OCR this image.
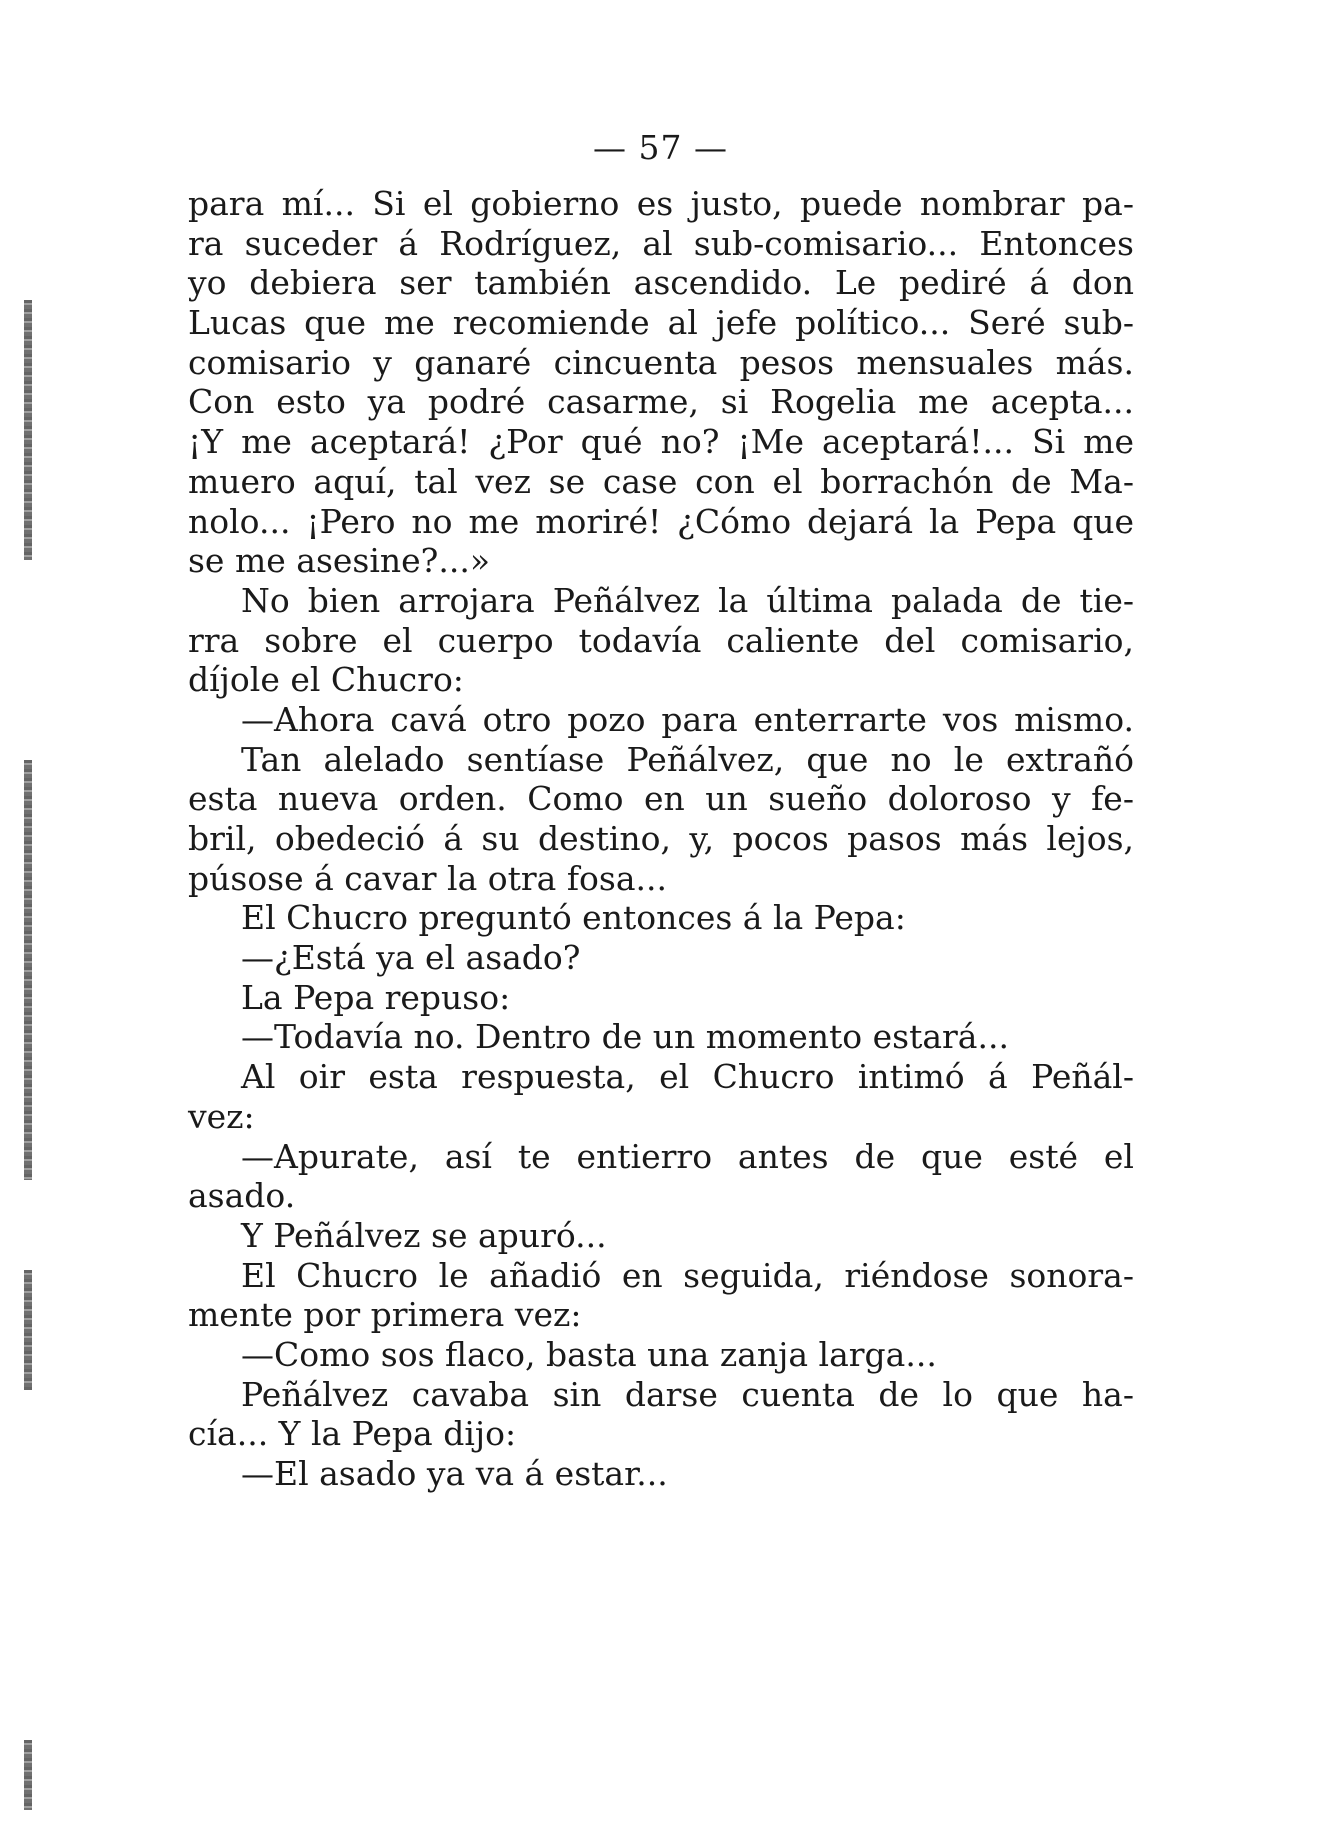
— 57 —
para mí... Si el gobierno es justo, puede nombrar pa-
ra suceder á Rodríguez, al sub-comisario... Entonces
yo debiera ser también ascendido. Le pediré á don
Lucas que me recomiende al jefe político... Seré sub-
comisario y ganaré cincuenta pesos mensuales más.
Con esto ya podré casarme, si Rogelia me acepta...
¡Y me aceptará! ¿Por qué no? ¡Me aceptará!... Si me
muero aquí, tal vez se case con el borrachón de Ma-
nolo... ¡Pero no me moriré! ¿Cómo dejará la Pepa que
se me asesine?...»
No bien arrojara Peñálvez la última palada de tie-
rra sobre el cuerpo todavía caliente del comisario,
díjole el Chucro:
—Ahora cavá otro pozo para enterrarte vos mismo.
Tan alelado sentíase Peñálvez, que no le extrañó
esta nueva orden. Como en un sueño doloroso y fe-
bril, obedeció á su destino, y, pocos pasos más lejos,
púsose á cavar la otra fosa...
El Chucro preguntó entonces á la Pepa:
—¿Está ya el asado?
La Pepa repuso:
—Todavía no. Dentro de un momento estará...
Al oir esta respuesta, el Chucro intimó á Peñál-
vez:
—Apurate, así te entierro antes de que esté el
asado.
Y Peñálvez se apuró...
El Chucro le añadió en seguida, riéndose sonora-
mente por primera vez:
—Como sos flaco, basta una zanja larga...
Peñálvez cavaba sin darse cuenta de lo que ha-
cía... Y la Pepa dijo:
—El asado ya va á estar...
